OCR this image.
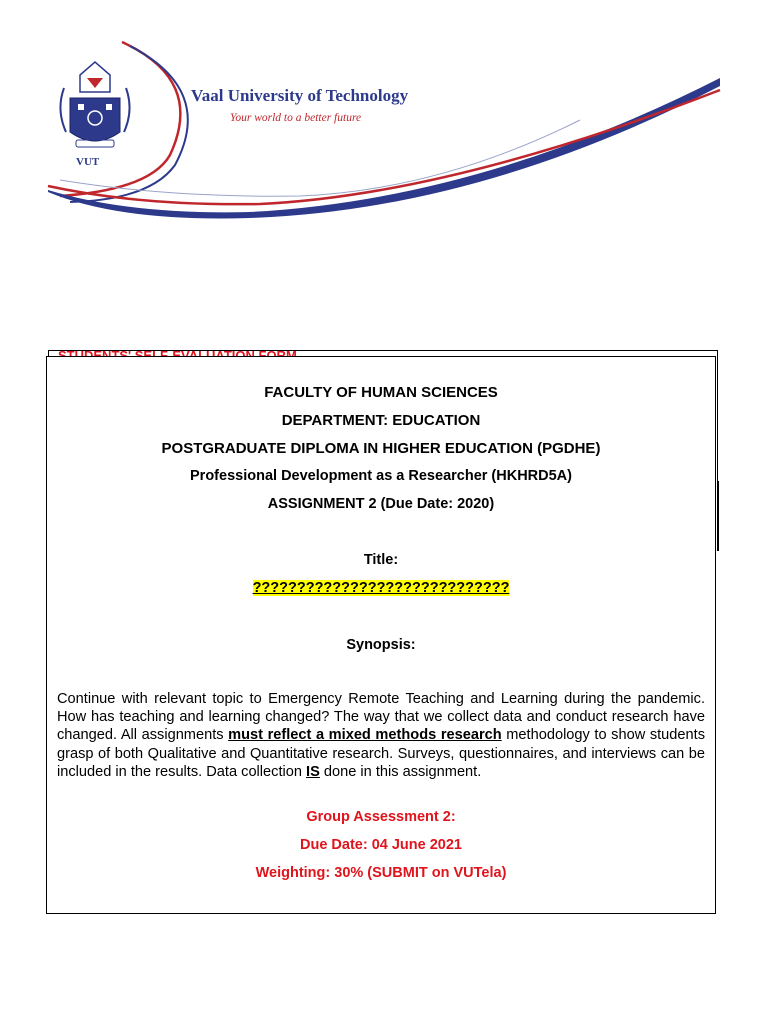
Vaal University of Technology
Your world to a better future
VUT
FACULTY OF HUMAN SCIENCES
DEPARTMENT: EDUCATION
POSTGRADUATE DIPLOMA IN HIGHER EDUCATION (PGDHE)
Professional Development as a Researcher (HKHRD5A)
ASSIGNMENT 2 (Due Date: 2020)
Title:
?????????????????????????????
Synopsis:
Continue with relevant topic to Emergency Remote Teaching and Learning during the pandemic. How has teaching and learning changed? The way that we collect data and conduct research have changed. All assignments must reflect a mixed methods research methodology to show students grasp of both Qualitative and Quantitative research. Surveys, questionnaires, and interviews can be included in the results. Data collection IS done in this assignment.
Group Assessment 2:
Due Date: 04 June 2021
Weighting: 30% (SUBMIT on VUTela)
